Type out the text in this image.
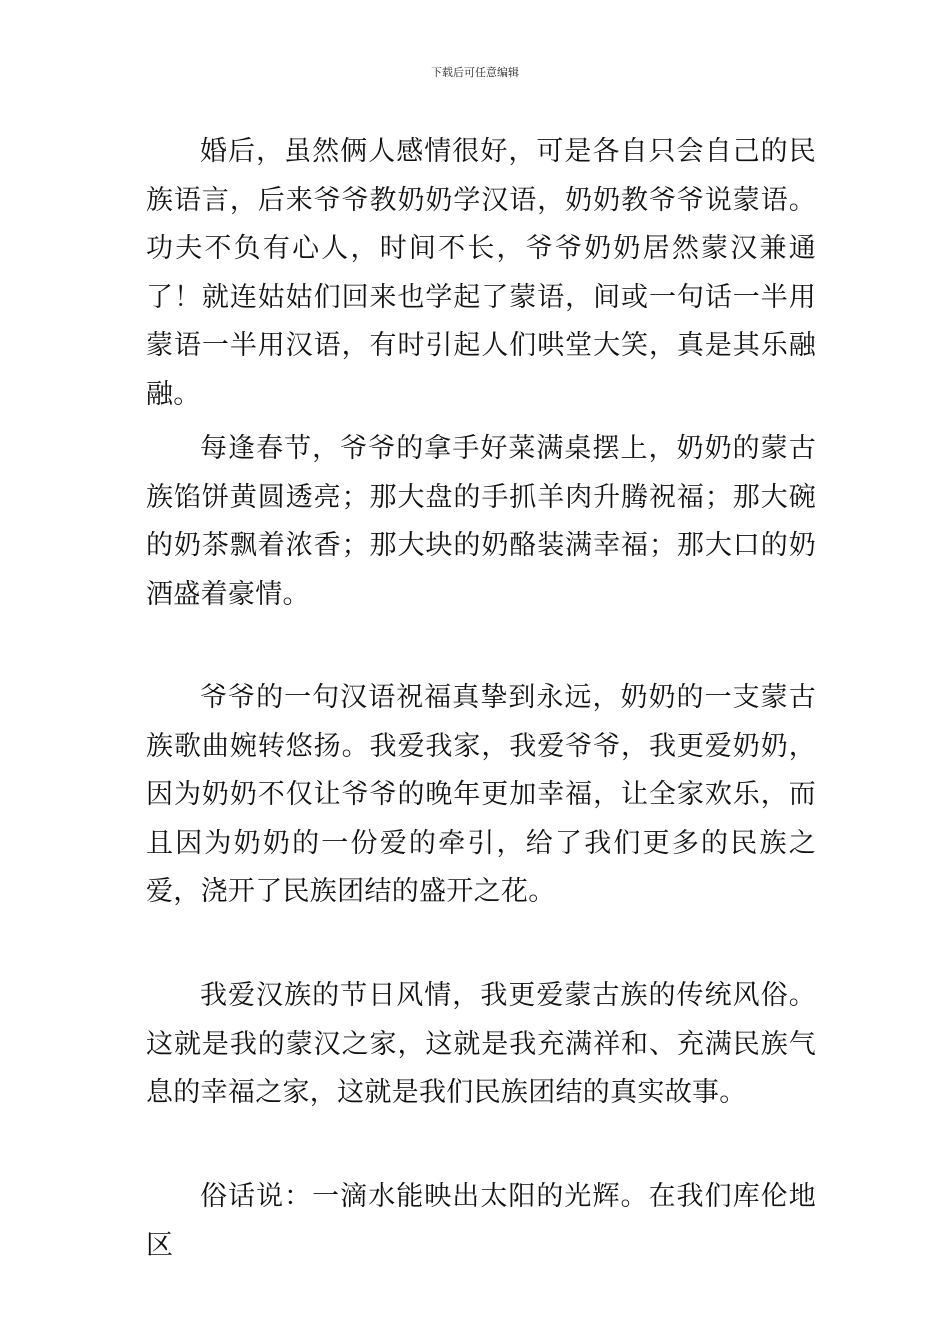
下载后可任意编辑

婚后，虽然俩人感情很好，可是各自只会自己的民族语言，后来爷爷教奶奶学汉语，奶奶教爷爷说蒙语。功夫不负有心人，时间不长，爷爷奶奶居然蒙汉兼通了！就连姑姑们回来也学起了蒙语，间或一句话一半用蒙语一半用汉语，有时引起人们哄堂大笑，真是其乐融融。

每逢春节，爷爷的拿手好菜满桌摆上，奶奶的蒙古族馅饼黄圆透亮；那大盘的手抓羊肉升腾祝福；那大碗的奶茶飘着浓香；那大块的奶酪装满幸福；那大口的奶酒盛着豪情。

爷爷的一句汉语祝福真挚到永远，奶奶的一支蒙古族歌曲婉转悠扬。我爱我家，我爱爷爷，我更爱奶奶，因为奶奶不仅让爷爷的晚年更加幸福，让全家欢乐，而且因为奶奶的一份爱的牵引，给了我们更多的民族之爱，浇开了民族团结的盛开之花。

我爱汉族的节日风情，我更爱蒙古族的传统风俗。这就是我的蒙汉之家，这就是我充满祥和、充满民族气息的幸福之家，这就是我们民族团结的真实故事。

俗话说：一滴水能映出太阳的光辉。在我们库伦地区
